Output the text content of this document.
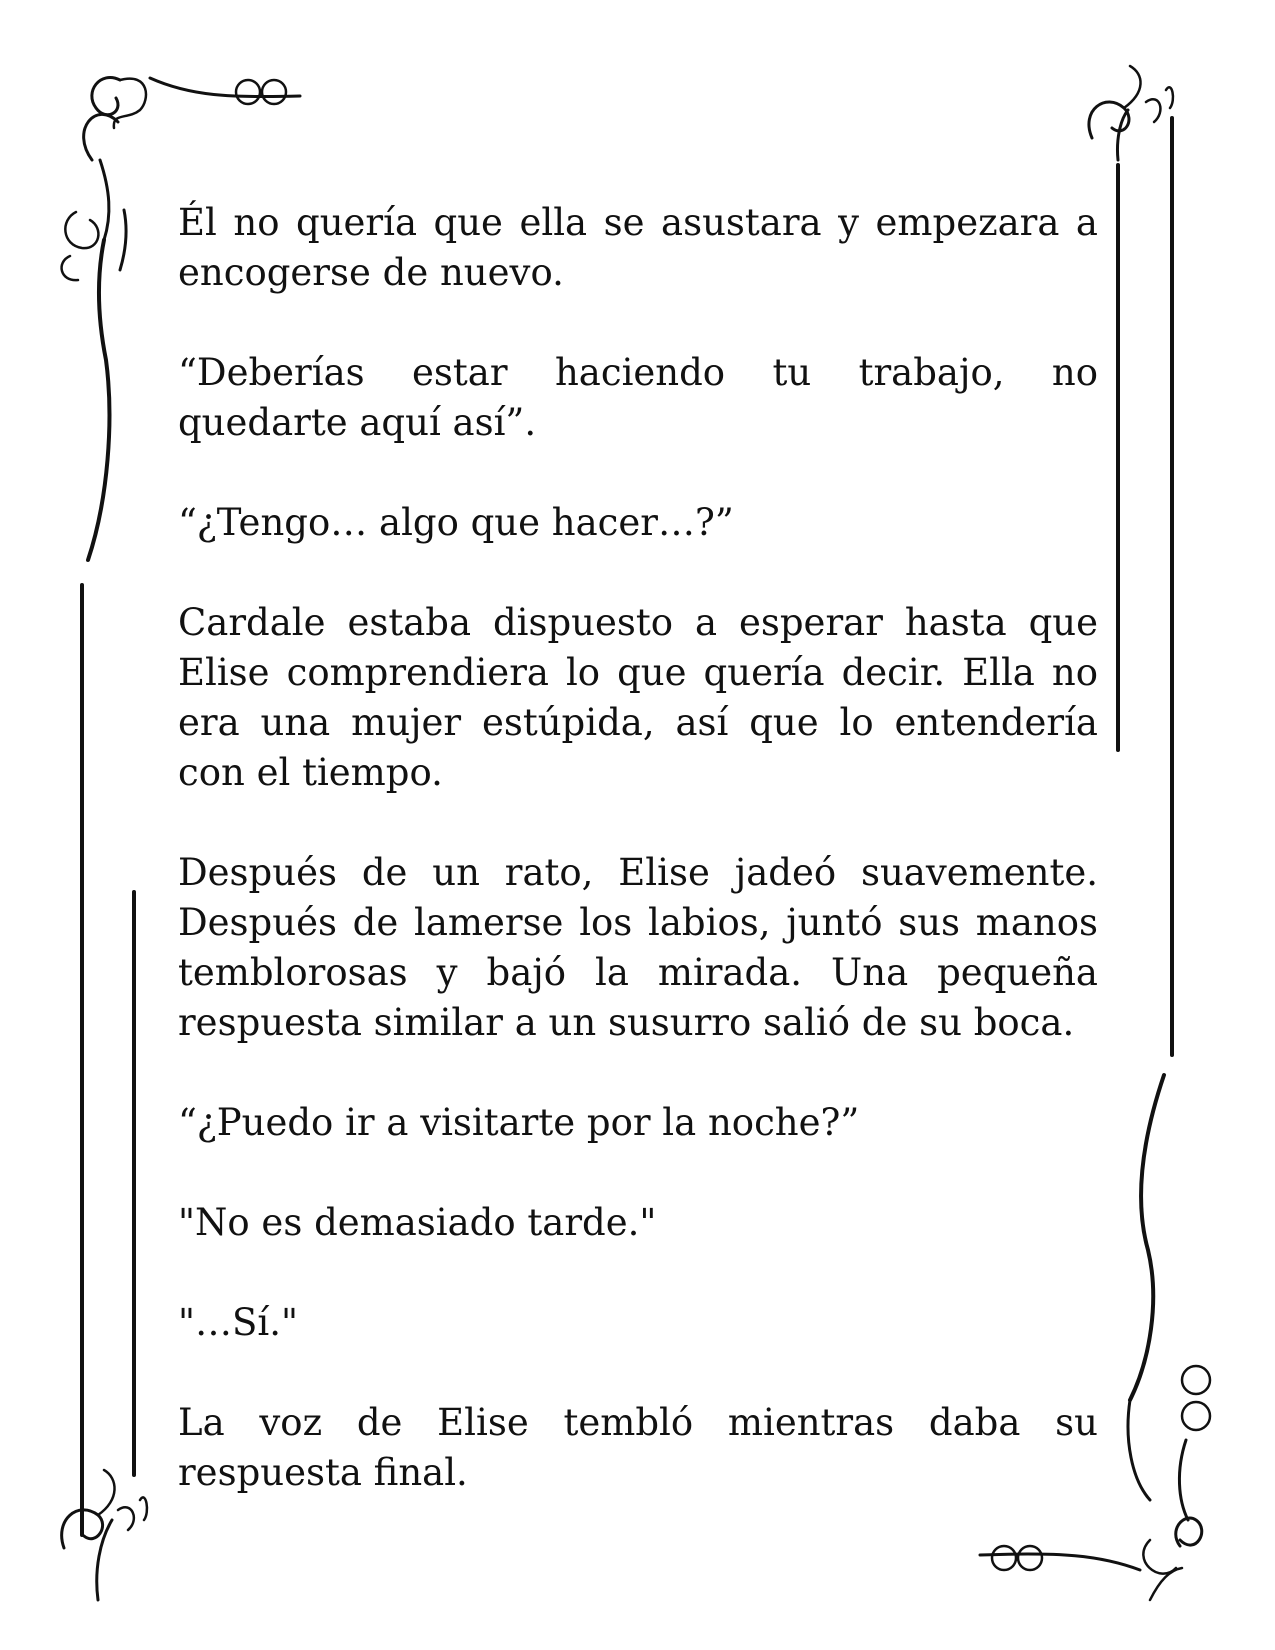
Él no quería que ella se asustara y empezara a encogerse de nuevo.

“Deberías estar haciendo tu trabajo, no quedarte aquí así”.

“¿Tengo… algo que hacer…?”

Cardale estaba dispuesto a esperar hasta que Elise comprendiera lo que quería decir. Ella no era una mujer estúpida, así que lo entendería con el tiempo.

Después de un rato, Elise jadeó suavemente. Después de lamerse los labios, juntó sus manos temblorosas y bajó la mirada. Una pequeña respuesta similar a un susurro salió de su boca.

“¿Puedo ir a visitarte por la noche?”

"No es demasiado tarde."

"…Sí."

La voz de Elise tembló mientras daba su respuesta final.
